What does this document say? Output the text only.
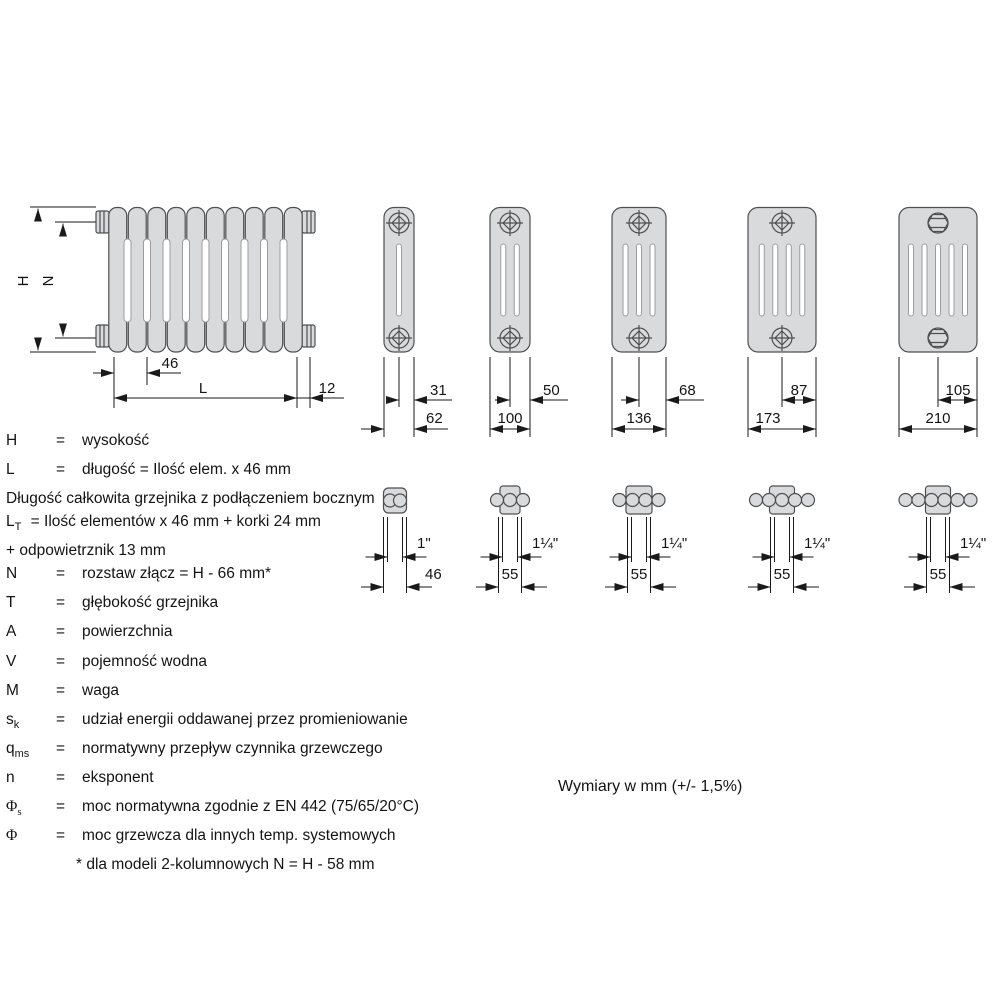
H N
46
L	12	31
62
50
100
68
136
87
173
105
210
1"
46
1¼"
55
1¼"
55
1¼"
55
1¼"
55
H	=	wysokość
L	=	długość = Ilość elem. x 46 mm
Długość całkowita grzejnika z podłączeniem bocznym
$L_T$ = Ilość elementów x 46 mm + korki 24 mm
+ odpowietrznik 13 mm
N	=	rozstaw złącz = H - 66 mm*
T	=	głębokość grzejnika
A	=	powierzchnia
V	=	pojemność wodna
M	=	waga
$s_k$	=	udział energii oddawanej przez promieniowanie
$q_{ms}$	=	normatywny przepływ czynnika grzewczego
n	=	eksponent
$\Phi_s$	=	moc normatywna zgodnie z EN 442 (75/65/20°C)
Φ	=	moc grzewcza dla innych temp. systemowych
* dla modeli 2-kolumnowych N = H - 58 mm
Wymiary w mm (+/- 1,5%)
